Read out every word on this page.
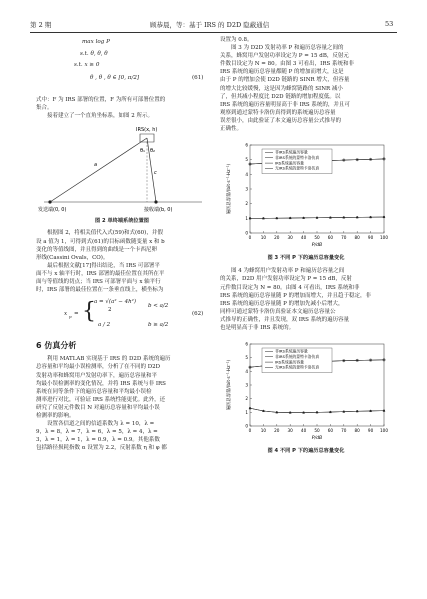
第 2 期	顾恭晨，等：基于 IRS 的 D2D 隐蔽通信	53
max log P
s.t. θ, θ, θ
s.t. x ≥ 0
θ , θ , θ ∈ [0, π/2]	(61)
式中：F 为 IRS 部署的位置，F 为所有可部署位置的
集合。
接着建立了一个直角坐标系，如图 2 所示。
IRS(x, h)
发送端(0, 0)	接收端(b, 0)
θ₁ θ₂
a
c
图 2 单终端系统位置图
根据图 2，将相关值代入式(59)和式(60)，并假
设 a 值为 1，可得到式(61)的目标函数随变量 x 和 b
变化的等值线图，并且得到的曲线是一个卡西尼卵
形线(Cassini Ovals，CO)。
最后根据文献[17]得出结论，当 IRS 可部署平
面不与 x 轴平行时，IRS 部署的最佳位置在其所在平
面与等值线的切点；当 IRS 可部署平面与 x 轴平行
时，IRS 部署的最佳位置在一条垂直线上，横坐标为
x p = {
a = √(a² − 4h²)
2
b < a/2
a / 2	b ≥ a/2
(62)
6 仿真分析
利用 MATLAB 实现基于 IRS 的 D2D 系统的遍历
总容量和平均最小误检测率，分析了在不同的 D2D
发射功率和蜂窝用户发射功率下，遍历总容量和平
均最小误检测率的变化情况，并将 IRS 系统与非 IRS
系统在同等条件下的遍历总容量和平均最小误检
测率进行对比，可验证 IRS 系统性能更优。此外，还
研究了反射元件数目 N 对遍历总容量和平均最小误
检测率的影响。
设置各信道之间的信道系数为 λ = 10，λ =
9，λ = 8，λ = 7，λ = 6，λ = 5，λ = 4，λ =
3，λ = 1，λ = 1，λ = 0.9，λ = 0.9。其他系数
包括路径损耗指数 α 设置为 2.2，反射系数 η 和 φ 都
设置为 0.8。
图 3 为 D2D 发射功率 P 和遍历总容量之间的
关系，蜂窝用户发射功率设定为 P = 15 dB，反射元
件数目设定为 N = 80。由图 3 可看出，IRS 系统和非
IRS 系统的遍历总容量都随 P 的增加而增大，这是
由于 P 的增加会使 D2D 链路的 SINR 增大，但容量
的增大比较缓慢，这是因为蜂窝链路的 SINR 减小
了，但其减小程度比 D2D 链路的增加程度低。以
IRS 系统的遍历容量明显高于非 IRS 系统的，并且可
观察到通过蒙特卡洛仿真得到的系统遍历总容量
误差很小，由此验证了本文遍历总容量公式推导的
正确性。
0 10 20 30 40 50 60 70 80 90 100
0
1
2
3
4
5
6
P/dB
遍历总容量/(bit·s⁻¹·Hz⁻¹)
非IRS系统遍历容量
非IRS系统的蒙特卡洛仿真
IRS系统遍历容量
无IRS系统的蒙特卡洛仿真
图 3 不同 P 下的遍历总容量变化
图 4 为蜂窝用户发射功率 P 和遍历总容量之间
的关系，D2D 用户发射功率设定为 P = 15 dB，反射
元件数目设定为 N = 80。由图 4 可看出，IRS 系统和非
IRS 系统的遍历总容量随 P 的增加而增大，并且趋于稳定，非
IRS 系统的遍历总容量随 P 的增加先减小后增大，
同样可通过蒙特卡洛仿真验证本文遍历总容量公
式推导的正确性，并且发现，双 IRS 系统的遍历容量
也是明显高于非 IRS 系统的。
0 10 20 30 40 50 60 70 80 90 100
0
1
2
3
4
5
6
P/dB
遍历总容量/(bit·s⁻¹·Hz⁻¹)
非IRS系统遍历容量
非IRS系统的蒙特卡洛仿真
IRS系统遍历容量
无IRS系统的蒙特卡洛仿真
图 4 不同 P 下的遍历总容量变化
